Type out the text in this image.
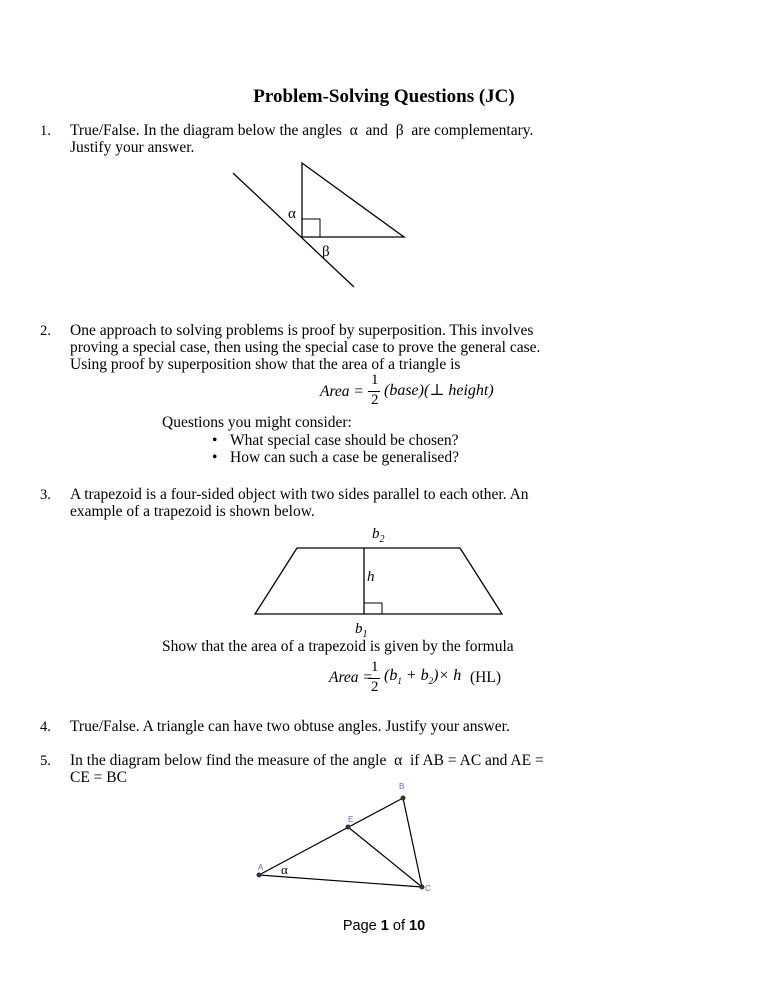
Problem-Solving Questions (JC)
1. True/False. In the diagram below the angles α and β are complementary.
Justify your answer.
α
β
2. One approach to solving problems is proof by superposition. This involves
proving a special case, then using the special case to prove the general case.
Using proof by superposition show that the area of a triangle is
Area =
1
2
(base)(⊥ height)
Questions you might consider:
• What special case should be chosen?
• How can such a case be generalised?
3. A trapezoid is a four-sided object with two sides parallel to each other. An
example of a trapezoid is shown below.
$b_2$
h
$b_1$
Show that the area of a trapezoid is given by the formula
Area =
1
2
$(b_1 + b_2)\times h$ (HL)
4. True/False. A triangle can have two obtuse angles. Justify your answer.
5. In the diagram below find the measure of the angle α if AB = AC and AE =
CE = BC
B
E
A
C
α
Page 1 of 10
